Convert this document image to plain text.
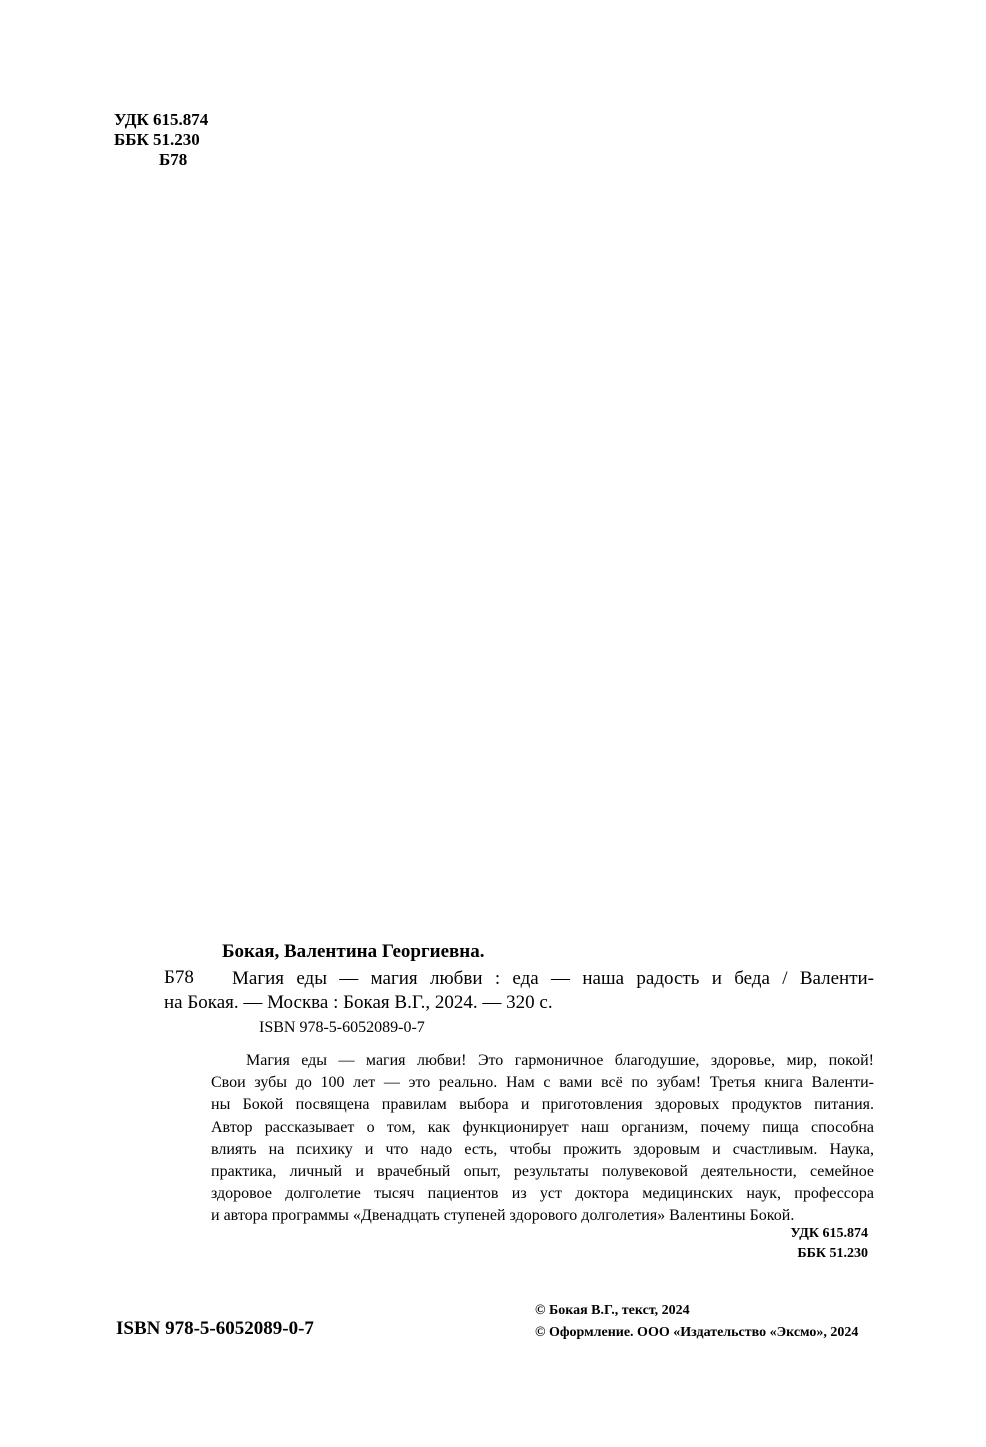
УДК 615.874
ББК 51.230
Б78
Бокая, Валентина Георгиевна.
Б78	Магия еды — магия любви : еда — наша радость и беда / Валенти-
на Бокая. — Москва : Бокая В.Г., 2024. — 320 с.
ISBN 978-5-6052089-0-7
Магия еды — магия любви! Это гармоничное благодушие, здоровье, мир, покой!
Свои зубы до 100 лет — это реально. Нам с вами всё по зубам! Третья книга Валенти-
ны Бокой посвящена правилам выбора и приготовления здоровых продуктов питания.
Автор рассказывает о том, как функционирует наш организм, почему пища способна
влиять на психику и что надо есть, чтобы прожить здоровым и счастливым. Наука,
практика, личный и врачебный опыт, результаты полувековой деятельности, семейное
здоровое долголетие тысяч пациентов из уст доктора медицинских наук, профессора
и автора программы «Двенадцать ступеней здорового долголетия» Валентины Бокой.
УДК 615.874
ББК 51.230
ISBN 978-5-6052089-0-7
© Бокая В.Г., текст, 2024
© Оформление. ООО «Издательство «Эксмо», 2024
